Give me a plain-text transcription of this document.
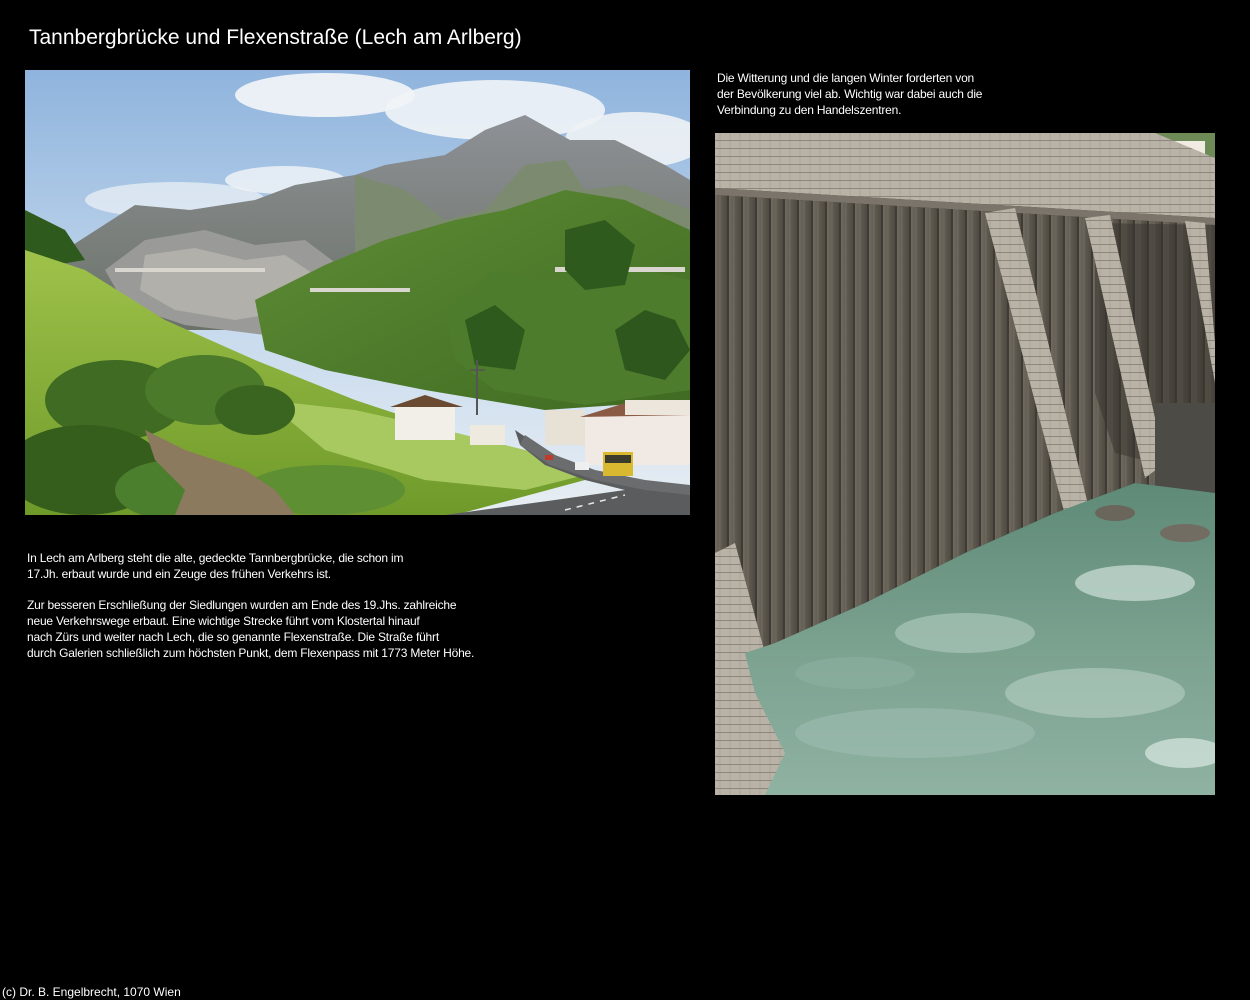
Tannbergbrücke und Flexenstraße (Lech am Arlberg)

In Lech am Arlberg steht die alte, gedeckte Tannbergbrücke, die schon im
17.Jh. erbaut wurde und ein Zeuge des frühen Verkehrs ist.

Zur besseren Erschließung der Siedlungen wurden am Ende des 19.Jhs. zahlreiche
neue Verkehrswege erbaut. Eine wichtige Strecke führt vom Klostertal hinauf
nach Zürs und weiter nach Lech, die so genannte Flexenstraße. Die Straße führt
durch Galerien schließlich zum höchsten Punkt, dem Flexenpass mit 1773 Meter Höhe.

Die Witterung und die langen Winter forderten von
der Bevölkerung viel ab. Wichtig war dabei auch die
Verbindung zu den Handelszentren.
(c) Dr. B. Engelbrecht, 1070 Wien
